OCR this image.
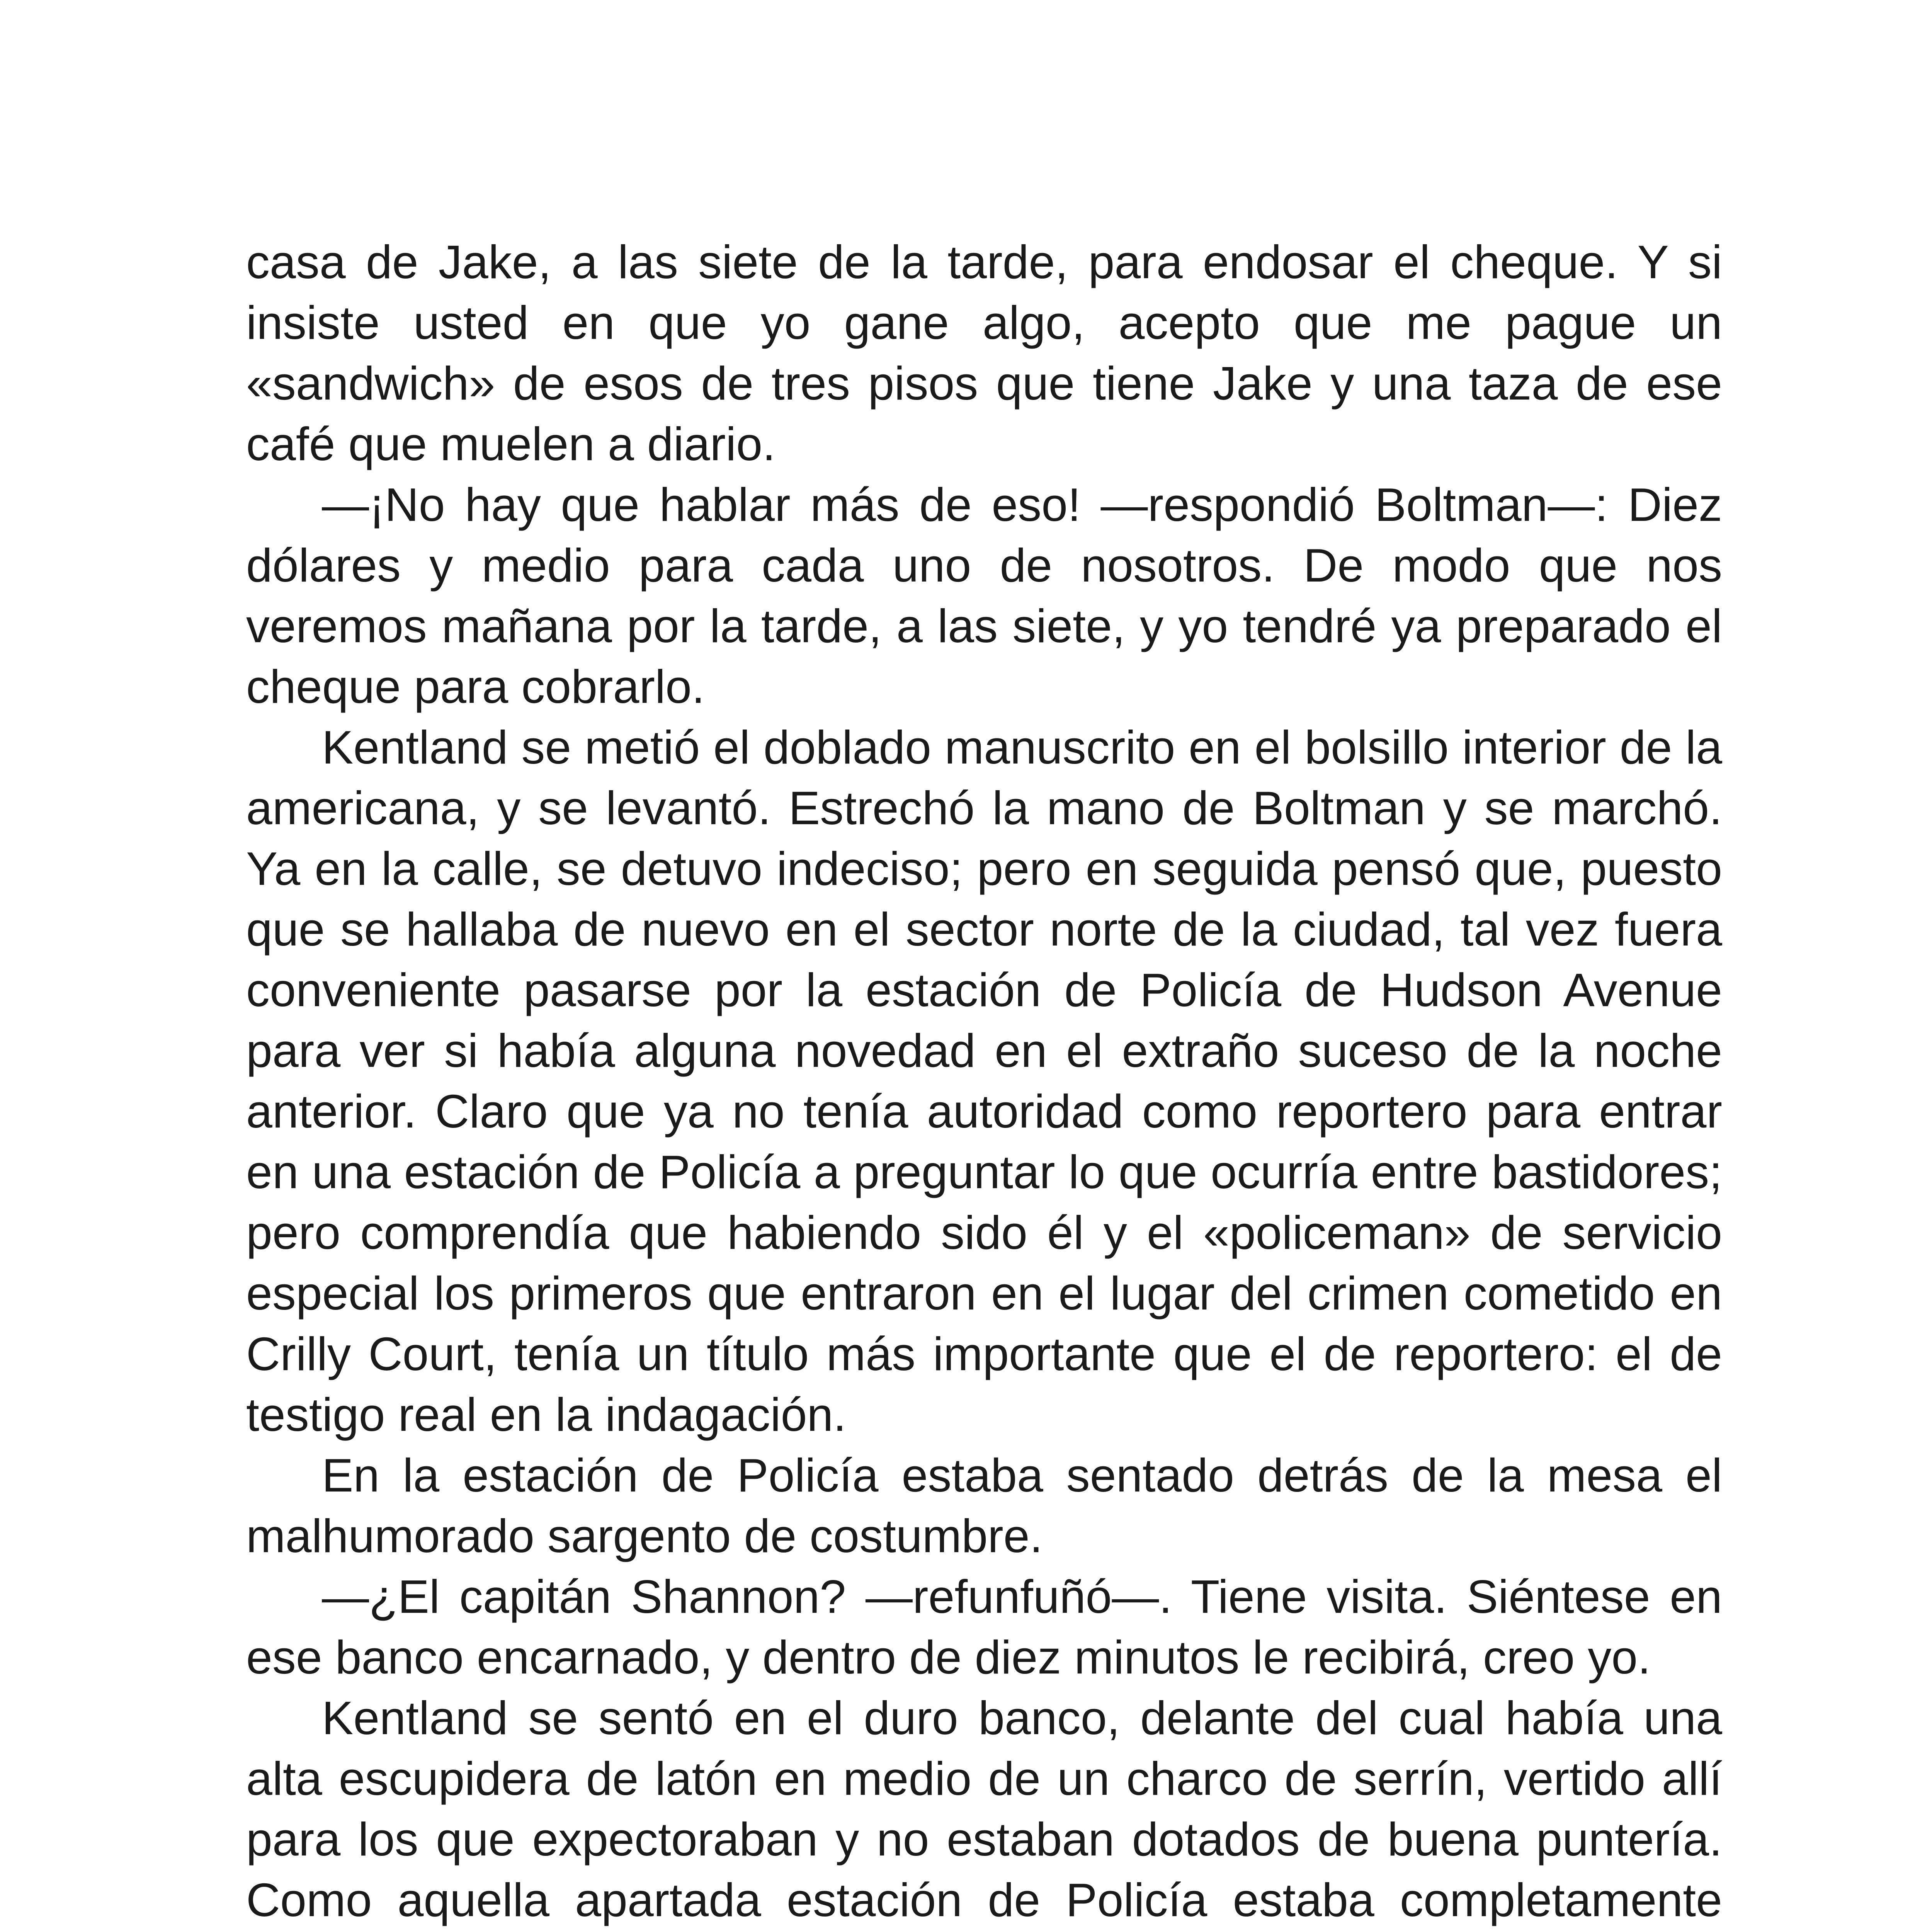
casa de Jake, a las siete de la tarde, para endosar el cheque. Y si insiste usted en que yo gane algo, acepto que me pague un «sandwich» de esos de tres pisos que tiene Jake y una taza de ese café que muelen a diario.

—¡No hay que hablar más de eso! —respondió Boltman—: Diez dólares y medio para cada uno de nosotros. De modo que nos veremos mañana por la tarde, a las siete, y yo tendré ya preparado el cheque para cobrarlo.

Kentland se metió el doblado manuscrito en el bolsillo interior de la americana, y se levantó. Estrechó la mano de Boltman y se marchó. Ya en la calle, se detuvo indeciso; pero en seguida pensó que, puesto que se hallaba de nuevo en el sector norte de la ciudad, tal vez fuera conveniente pasarse por la estación de Policía de Hudson Avenue para ver si había alguna novedad en el extraño suceso de la noche anterior. Claro que ya no tenía autoridad como reportero para entrar en una estación de Policía a preguntar lo que ocurría entre bastidores; pero comprendía que habiendo sido él y el «policeman» de servicio especial los primeros que entraron en el lugar del crimen cometido en Crilly Court, tenía un título más importante que el de reportero: el de testigo real en la indagación.

En la estación de Policía estaba sentado detrás de la mesa el malhumorado sargento de costumbre.

—¿El capitán Shannon? —refunfuñó—. Tiene visita. Siéntese en ese banco encarnado, y dentro de diez minutos le recibirá, creo yo.

Kentland se sentó en el duro banco, delante del cual había una alta escupidera de latón en medio de un charco de serrín, vertido allí para los que expectoraban y no estaban dotados de buena puntería. Como aquella apartada estación de Policía estaba completamente
